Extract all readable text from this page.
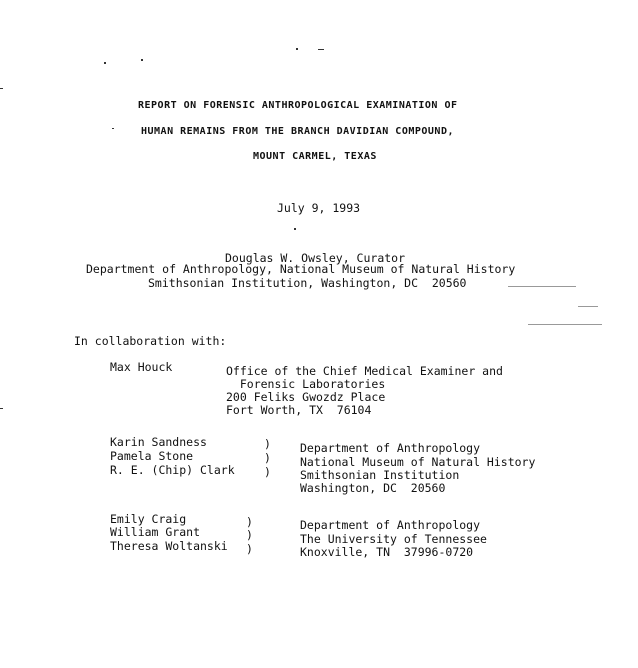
REPORT ON FORENSIC ANTHROPOLOGICAL EXAMINATION OF
HUMAN REMAINS FROM THE BRANCH DAVIDIAN COMPOUND,
MOUNT CARMEL, TEXAS
July 9, 1993
Douglas W. Owsley, Curator
Department of Anthropology, National Museum of Natural History
Smithsonian Institution, Washington, DC  20560
In collaboration with:
Max Houck	Office of the Chief Medical Examiner and
Forensic Laboratories
200 Feliks Gwozdz Place
Fort Worth, TX  76104
Karin Sandness
Pamela Stone
R. E. (Chip) Clark
)
)
)
Department of Anthropology
National Museum of Natural History
Smithsonian Institution
Washington, DC  20560
Emily Craig
William Grant
Theresa Woltanski
)
)
)
Department of Anthropology
The University of Tennessee
Knoxville, TN  37996-0720
